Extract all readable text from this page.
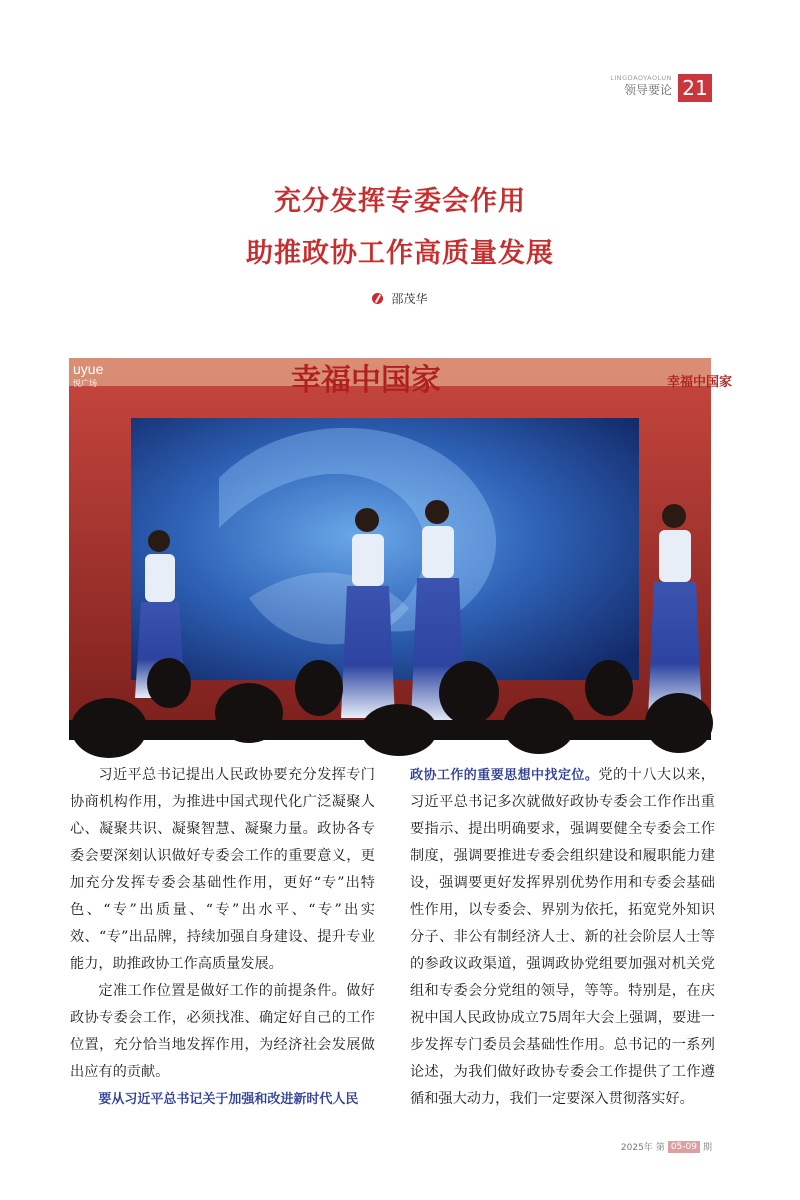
LINGDAOYAOLUN
领导要论 21
充分发挥专委会作用
助推政协工作高质量发展
邵茂华
uyue
悦广场	幸福中国家	幸福中国家

习近平总书记提出人民政协要充分发挥专门协商机构作用，为推进中国式现代化广泛凝聚人心、凝聚共识、凝聚智慧、凝聚力量。政协各专委会要深刻认识做好专委会工作的重要意义，更加充分发挥专委会基础性作用，更好“专”出特色、“专”出质量、“专”出水平、“专”出实效、“专”出品牌，持续加强自身建设、提升专业能力，助推政协工作高质量发展。

定准工作位置是做好工作的前提条件。做好政协专委会工作，必须找准、确定好自己的工作位置，充分恰当地发挥作用，为经济社会发展做出应有的贡献。

要从习近平总书记关于加强和改进新时代人民

政协工作的重要思想中找定位。党的十八大以来，习近平总书记多次就做好政协专委会工作作出重要指示、提出明确要求，强调要健全专委会工作制度，强调要推进专委会组织建设和履职能力建设，强调要更好发挥界别优势作用和专委会基础性作用，以专委会、界别为依托，拓宽党外知识分子、非公有制经济人士、新的社会阶层人士等的参政议政渠道，强调政协党组要加强对机关党组和专委会分党组的领导，等等。特别是，在庆祝中国人民政协成立75周年大会上强调，要进一步发挥专门委员会基础性作用。总书记的一系列论述，为我们做好政协专委会工作提供了工作遵循和强大动力，我们一定要深入贯彻落实好。

2025年 第 05-09 期
